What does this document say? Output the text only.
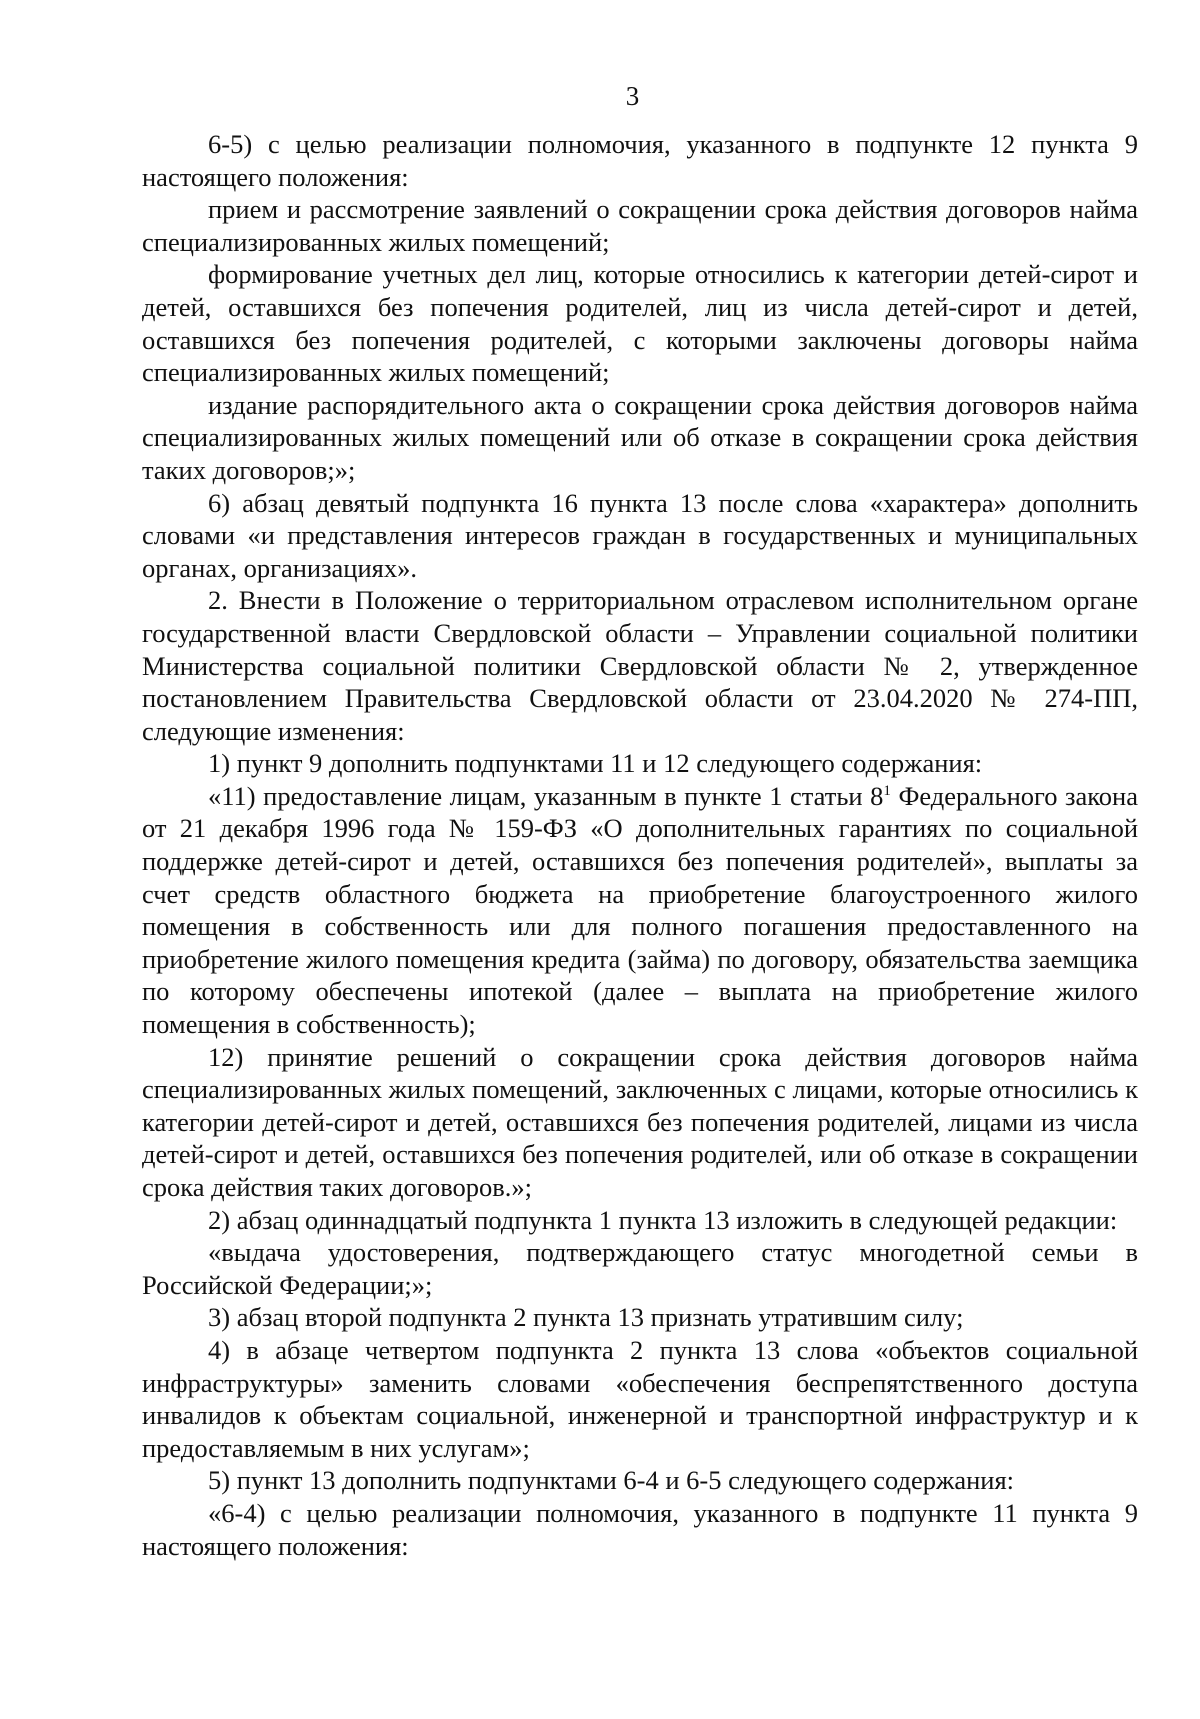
3

6-5) с целью реализации полномочия, указанного в подпункте 12 пункта 9 настоящего положения:

прием и рассмотрение заявлений о сокращении срока действия договоров найма специализированных жилых помещений;

формирование учетных дел лиц, которые относились к категории детей-сирот и детей, оставшихся без попечения родителей, лиц из числа детей-сирот и детей, оставшихся без попечения родителей, с которыми заключены договоры найма специализированных жилых помещений;

издание распорядительного акта о сокращении срока действия договоров найма специализированных жилых помещений или об отказе в сокращении срока действия таких договоров;»;

6) абзац девятый подпункта 16 пункта 13 после слова «характера» дополнить словами «и представления интересов граждан в государственных и муниципальных органах, организациях».

2. Внести в Положение о территориальном отраслевом исполнительном органе государственной власти Свердловской области – Управлении социальной политики Министерства социальной политики Свердловской области № 2, утвержденное постановлением Правительства Свердловской области от 23.04.2020 № 274-ПП, следующие изменения:

1) пункт 9 дополнить подпунктами 11 и 12 следующего содержания:

«11) предоставление лицам, указанным в пункте 1 статьи $8^1$ Федерального закона от 21 декабря 1996 года № 159-ФЗ «О дополнительных гарантиях по социальной поддержке детей-сирот и детей, оставшихся без попечения родителей», выплаты за счет средств областного бюджета на приобретение благоустроенного жилого помещения в собственность или для полного погашения предоставленного на приобретение жилого помещения кредита (займа) по договору, обязательства заемщика по которому обеспечены ипотекой (далее – выплата на приобретение жилого помещения в собственность);

12) принятие решений о сокращении срока действия договоров найма специализированных жилых помещений, заключенных с лицами, которые относились к категории детей-сирот и детей, оставшихся без попечения родителей, лицами из числа детей-сирот и детей, оставшихся без попечения родителей, или об отказе в сокращении срока действия таких договоров.»;

2) абзац одиннадцатый подпункта 1 пункта 13 изложить в следующей редакции:

«выдача удостоверения, подтверждающего статус многодетной семьи в Российской Федерации;»;

3) абзац второй подпункта 2 пункта 13 признать утратившим силу;

4) в абзаце четвертом подпункта 2 пункта 13 слова «объектов социальной инфраструктуры» заменить словами «обеспечения беспрепятственного доступа инвалидов к объектам социальной, инженерной и транспортной инфраструктур и к предоставляемым в них услугам»;

5) пункт 13 дополнить подпунктами 6-4 и 6-5 следующего содержания:

«6-4) с целью реализации полномочия, указанного в подпункте 11 пункта 9 настоящего положения:
